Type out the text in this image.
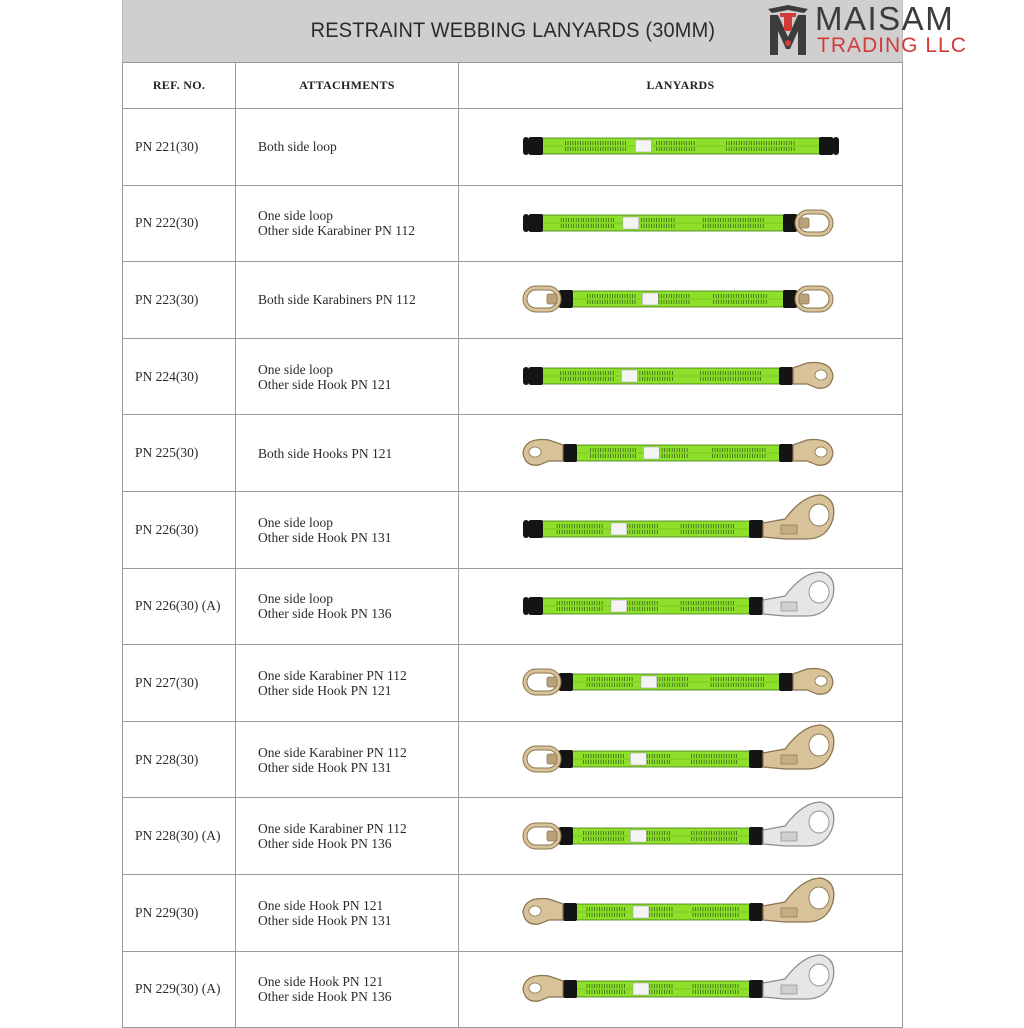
RESTRAINT WEBBING LANYARDS (30MM)
REF. NO.	ATTACHMENTS	LANYARDS
PN 221(30)	Both side loop

PN 222(30)	One side loop
Other side Karabiner PN 112

PN 223(30)	Both side Karabiners PN 112

PN 224(30)	One side loop
Other side Hook PN 121

PN 225(30)	Both side Hooks PN 121

PN 226(30)	One side loop
Other side Hook PN 131

PN 226(30) (A)	One side loop
Other side Hook PN 136

PN 227(30)	One side Karabiner PN 112
Other side Hook PN 121

PN 228(30)	One side Karabiner PN 112
Other side Hook PN 131

PN 228(30) (A)	One side Karabiner PN 112
Other side Hook PN 136

PN 229(30)	One side Hook PN 121
Other side Hook PN 131

PN 229(30) (A)	One side Hook PN 121
Other side Hook PN 136

MAISAM
TRADING LLC
